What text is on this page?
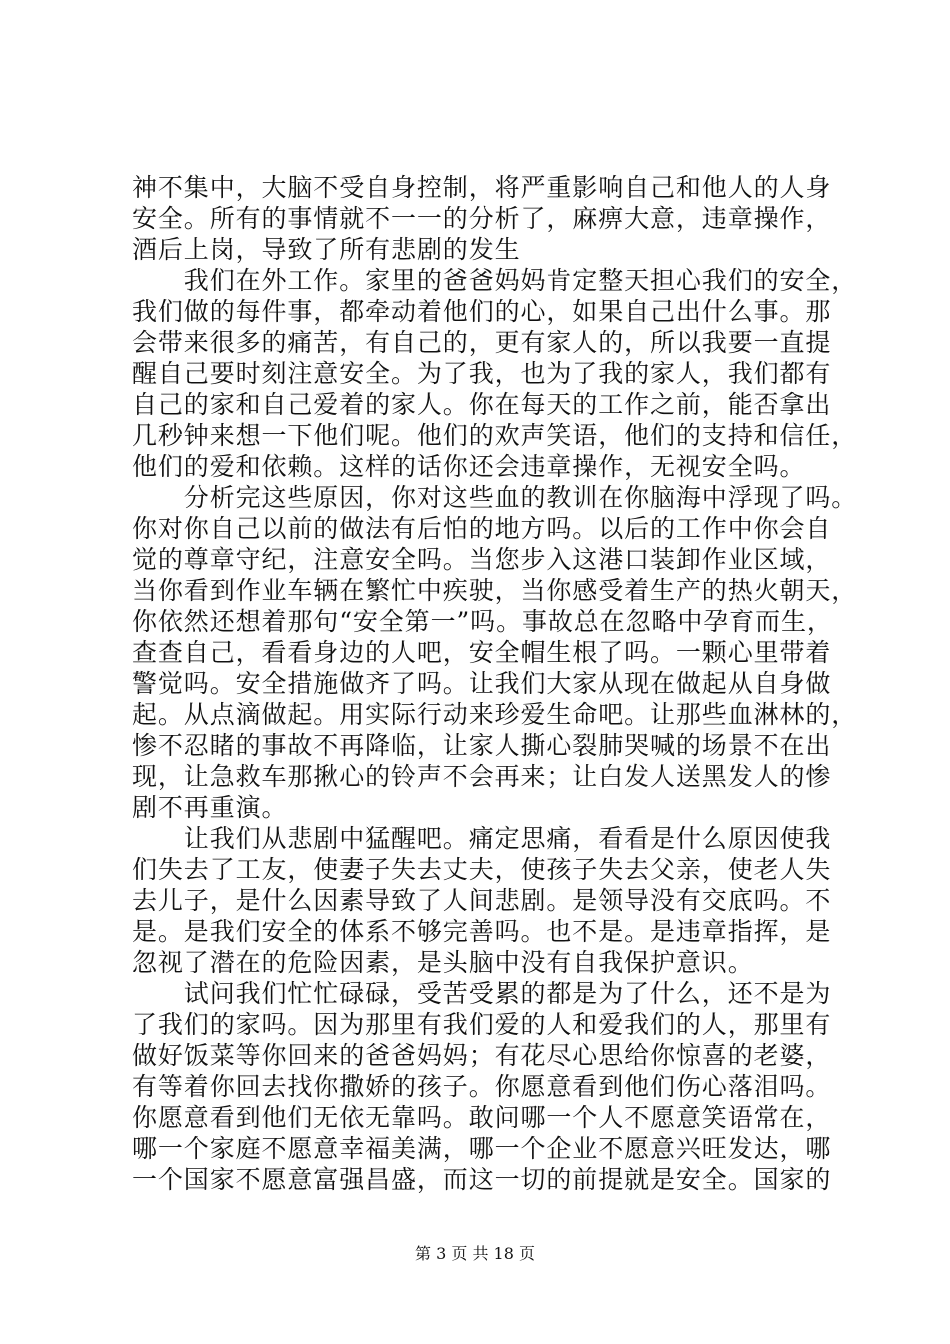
神不集中，大脑不受自身控制，将严重影响自己和他人的人身
安全。所有的事情就不一一的分析了，麻痹大意，违章操作，
酒后上岗，导致了所有悲剧的发生
　　我们在外工作。家里的爸爸妈妈肯定整天担心我们的安全，
我们做的每件事，都牵动着他们的心，如果自己出什么事。那
会带来很多的痛苦，有自己的，更有家人的，所以我要一直提
醒自己要时刻注意安全。为了我，也为了我的家人，我们都有
自己的家和自己爱着的家人。你在每天的工作之前，能否拿出
几秒钟来想一下他们呢。他们的欢声笑语，他们的支持和信任，
他们的爱和依赖。这样的话你还会违章操作，无视安全吗。
　　分析完这些原因，你对这些血的教训在你脑海中浮现了吗。
你对你自己以前的做法有后怕的地方吗。以后的工作中你会自
觉的尊章守纪，注意安全吗。当您步入这港口装卸作业区域，
当你看到作业车辆在繁忙中疾驶，当你感受着生产的热火朝天，
你依然还想着那句“安全第一”吗。事故总在忽略中孕育而生，
查查自己，看看身边的人吧，安全帽生根了吗。一颗心里带着
警觉吗。安全措施做齐了吗。让我们大家从现在做起从自身做
起。从点滴做起。用实际行动来珍爱生命吧。让那些血淋林的，
惨不忍睹的事故不再降临，让家人撕心裂肺哭喊的场景不在出
现，让急救车那揪心的铃声不会再来；让白发人送黑发人的惨
剧不再重演。
　　让我们从悲剧中猛醒吧。痛定思痛，看看是什么原因使我
们失去了工友，使妻子失去丈夫，使孩子失去父亲，使老人失
去儿子，是什么因素导致了人间悲剧。是领导没有交底吗。不
是。是我们安全的体系不够完善吗。也不是。是违章指挥，是
忽视了潜在的危险因素，是头脑中没有自我保护意识。
　　试问我们忙忙碌碌，受苦受累的都是为了什么，还不是为
了我们的家吗。因为那里有我们爱的人和爱我们的人，那里有
做好饭菜等你回来的爸爸妈妈；有花尽心思给你惊喜的老婆，
有等着你回去找你撒娇的孩子。你愿意看到他们伤心落泪吗。
你愿意看到他们无依无靠吗。敢问哪一个人不愿意笑语常在，
哪一个家庭不愿意幸福美满，哪一个企业不愿意兴旺发达，哪
一个国家不愿意富强昌盛，而这一切的前提就是安全。国家的
第 3 页 共 18 页
